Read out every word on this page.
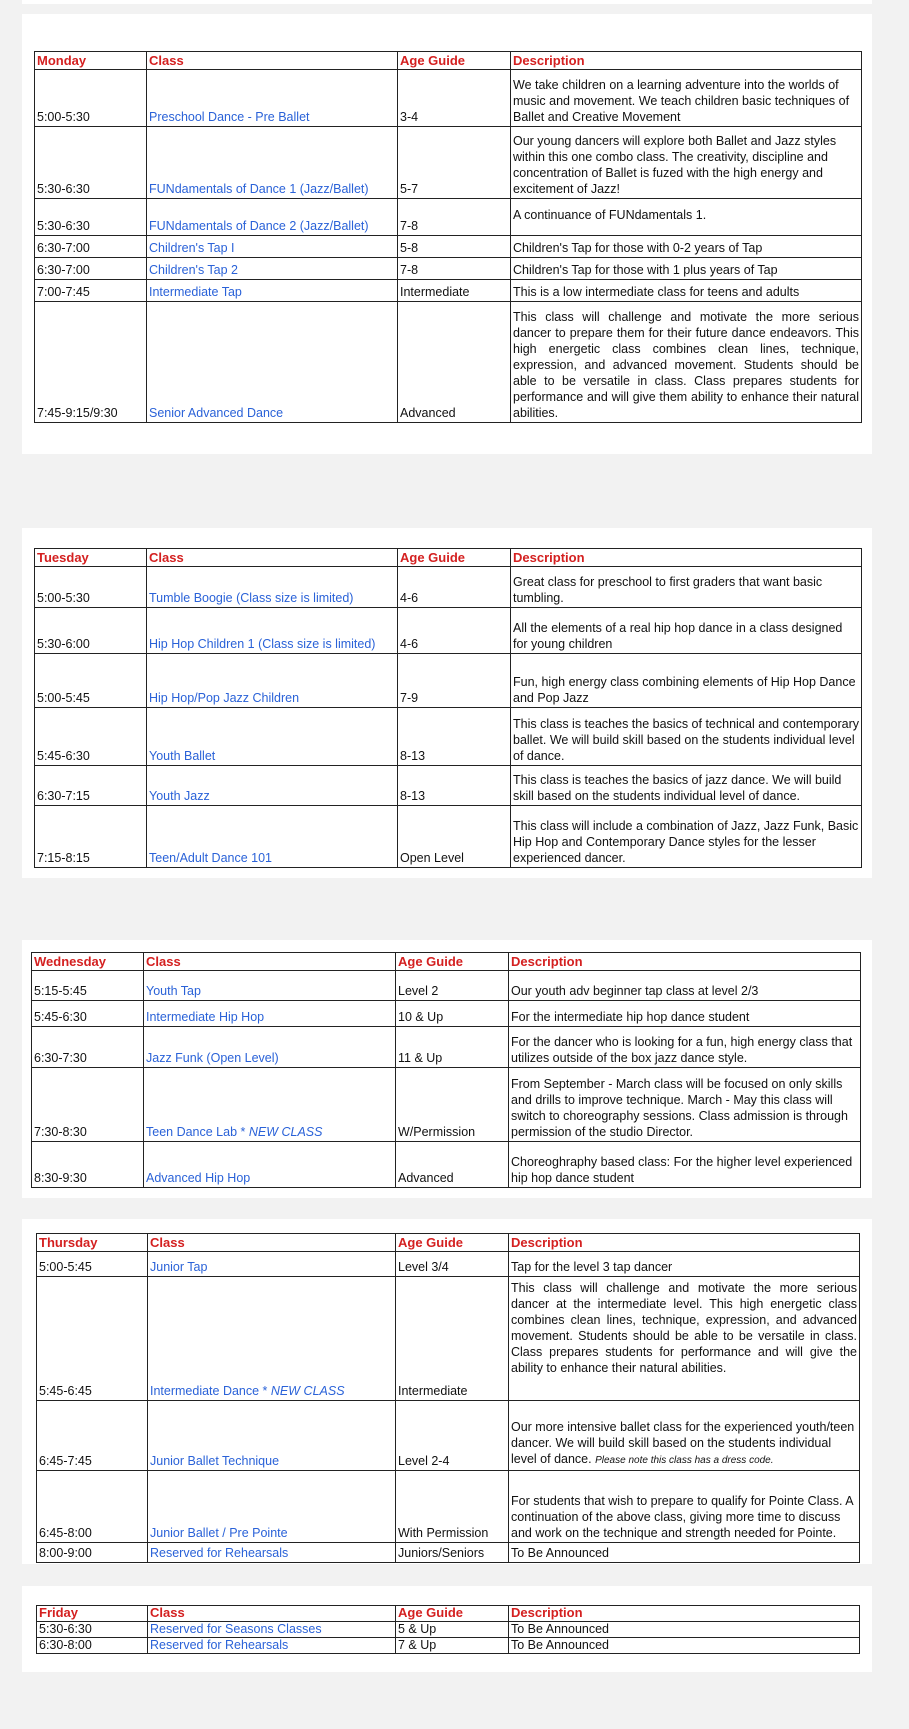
Monday	Class	Age Guide	Description
5:00-5:30	Preschool Dance - Pre Ballet	3-4	We take children on a learning adventure into the worlds of music and movement. We teach children basic techniques of Ballet and Creative Movement
5:30-6:30	FUNdamentals of Dance 1 (Jazz/Ballet)	5-7	Our young dancers will explore both Ballet and Jazz styles within this one combo class. The creativity, discipline and concentration of Ballet is fuzed with the high energy and excitement of Jazz!
5:30-6:30	FUNdamentals of Dance 2 (Jazz/Ballet)	7-8	A continuance of FUNdamentals 1.
6:30-7:00	Children's Tap I	5-8	Children's Tap for those with 0-2 years of Tap
6:30-7:00	Children's Tap 2	7-8	Children's Tap for those with 1 plus years of Tap
7:00-7:45	Intermediate Tap	Intermediate	This is a low intermediate class for teens and adults
7:45-9:15/9:30	Senior Advanced Dance	Advanced	This class will challenge and motivate the more serious dancer to prepare them for their future dance endeavors. This high energetic class combines clean lines, technique, expression, and advanced movement. Students should be able to be versatile in class. Class prepares students for performance and will give them ability to enhance their natural abilities.
Tuesday	Class	Age Guide	Description
5:00-5:30	Tumble Boogie (Class size is limited)	4-6	Great class for preschool to first graders that want basic tumbling.
5:30-6:00	Hip Hop Children 1 (Class size is limited)	4-6	All the elements of a real hip hop dance in a class designed for young children
5:00-5:45	Hip Hop/Pop Jazz Children	7-9	Fun, high energy class combining elements of Hip Hop Dance and Pop Jazz
5:45-6:30	Youth Ballet	8-13	This class is teaches the basics of technical and contemporary ballet. We will build skill based on the students individual level of dance.
6:30-7:15	Youth Jazz	8-13	This class is teaches the basics of jazz dance. We will build skill based on the students individual level of dance.
7:15-8:15	Teen/Adult Dance 101	Open Level	This class will include a combination of Jazz, Jazz Funk, Basic Hip Hop and Contemporary Dance styles for the lesser experienced dancer.
Wednesday	Class	Age Guide	Description
5:15-5:45	Youth Tap	Level 2	Our youth adv beginner tap class at level 2/3
5:45-6:30	Intermediate Hip Hop	10 & Up	For the intermediate hip hop dance student
6:30-7:30	Jazz Funk (Open Level)	11 & Up	For the dancer who is looking for a fun, high energy class that utilizes outside of the box jazz dance style.
7:30-8:30	Teen Dance Lab * NEW CLASS	W/Permission	From September - March class will be focused on only skills and drills to improve technique. March - May this class will switch to choreography sessions. Class admission is through permission of the studio Director.
8:30-9:30	Advanced Hip Hop	Advanced	Choreoghraphy based class: For the higher level experienced hip hop dance student
Thursday	Class	Age Guide	Description
5:00-5:45	Junior Tap	Level 3/4	Tap for the level 3 tap dancer
5:45-6:45	Intermediate Dance * NEW CLASS	Intermediate	This class will challenge and motivate the more serious dancer at the intermediate level. This high energetic class combines clean lines, technique, expression, and advanced movement. Students should be able to be versatile in class. Class prepares students for performance and will give the ability to enhance their natural abilities.
6:45-7:45	Junior Ballet Technique	Level 2-4	Our more intensive ballet class for the experienced youth/teen dancer. We will build skill based on the students individual level of dance. Please note this class has a dress code.
6:45-8:00	Junior Ballet / Pre Pointe	With Permission	For students that wish to prepare to qualify for Pointe Class. A continuation of the above class, giving more time to discuss and work on the technique and strength needed for Pointe.
8:00-9:00	Reserved for Rehearsals	Juniors/Seniors	To Be Announced
Friday	Class	Age Guide	Description
5:30-6:30	Reserved for Seasons Classes	5 & Up	To Be Announced
6:30-8:00	Reserved for Rehearsals	7 & Up	To Be Announced
